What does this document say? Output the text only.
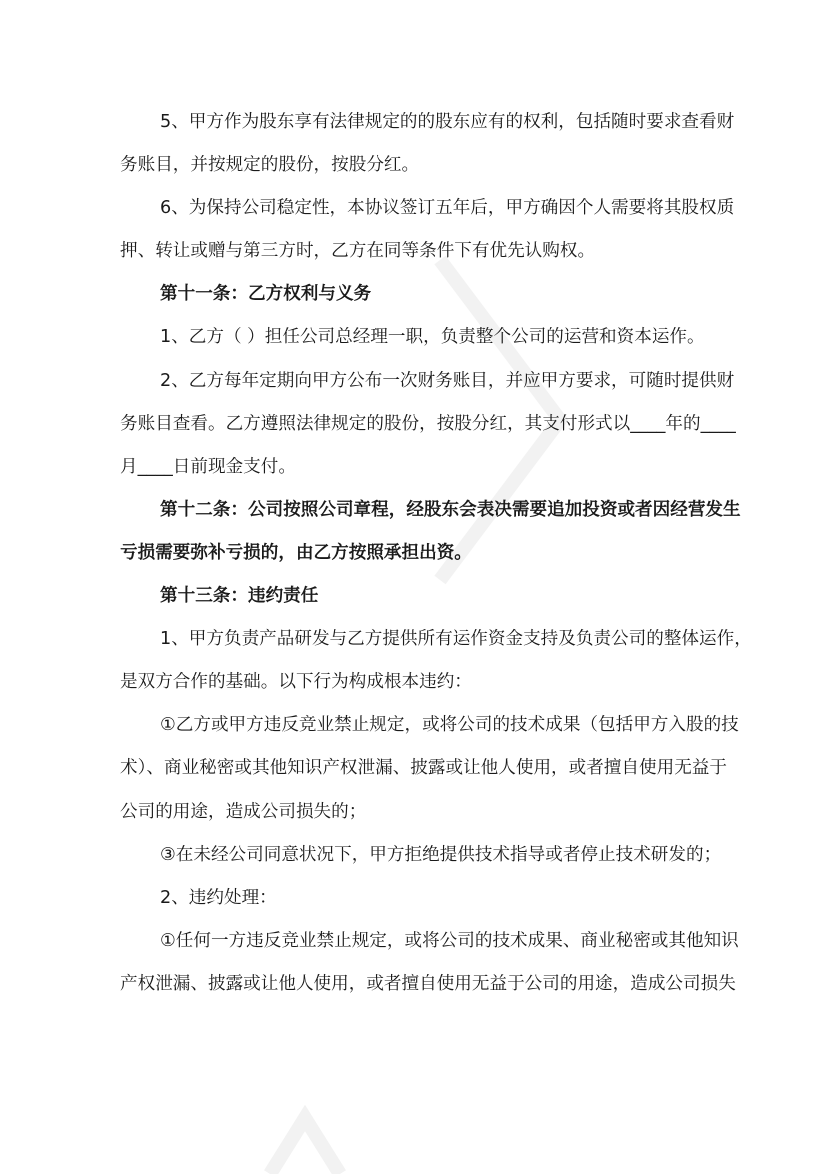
5、甲方作为股东享有法律规定的的股东应有的权利，包括随时要求查看财
务账目，并按规定的股份，按股分红。
6、为保持公司稳定性，本协议签订五年后，甲方确因个人需要将其股权质
押、转让或赠与第三方时，乙方在同等条件下有优先认购权。
第十一条：乙方权利与义务
1、乙方（ ）担任公司总经理一职，负责整个公司的运营和资本运作。
2、乙方每年定期向甲方公布一次财务账目，并应甲方要求，可随时提供财
务账目查看。乙方遵照法律规定的股份，按股分红，其支付形式以____年的____
月____日前现金支付。
第十二条：公司按照公司章程，经股东会表决需要追加投资或者因经营发生
亏损需要弥补亏损的，由乙方按照承担出资。
第十三条：违约责任
1、甲方负责产品研发与乙方提供所有运作资金支持及负责公司的整体运作，
是双方合作的基础。以下行为构成根本违约：
①乙方或甲方违反竞业禁止规定，或将公司的技术成果（包括甲方入股的技
术）、商业秘密或其他知识产权泄漏、披露或让他人使用，或者擅自使用无益于
公司的用途，造成公司损失的；
③在未经公司同意状况下，甲方拒绝提供技术指导或者停止技术研发的；
2、违约处理：
①任何一方违反竞业禁止规定，或将公司的技术成果、商业秘密或其他知识
产权泄漏、披露或让他人使用，或者擅自使用无益于公司的用途，造成公司损失
